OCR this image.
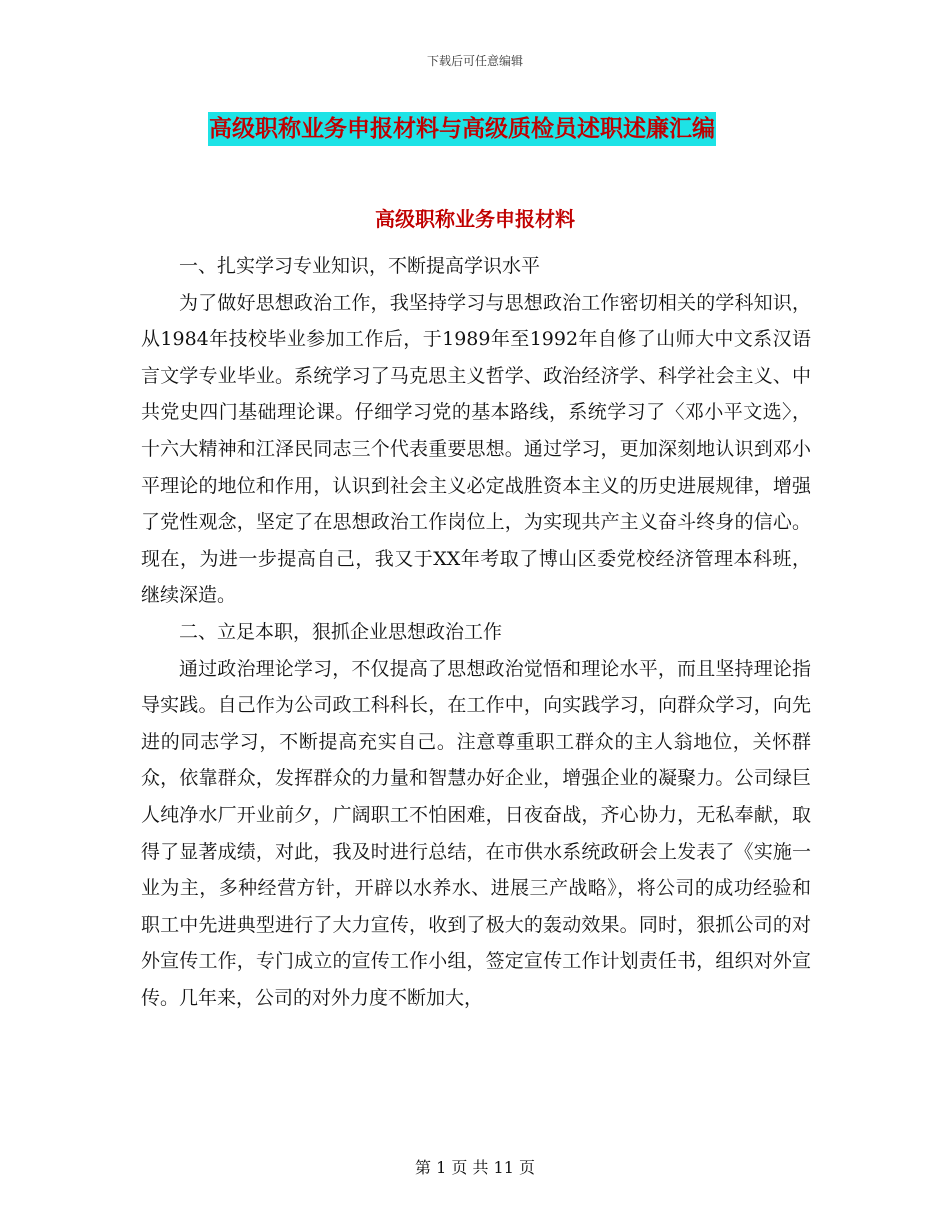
下载后可任意编辑
高级职称业务申报材料与高级质检员述职述廉汇编
高级职称业务申报材料

一、扎实学习专业知识，不断提高学识水平

为了做好思想政治工作，我坚持学习与思想政治工作密切相关的学科知识，从1984年技校毕业参加工作后，于1989年至1992年自修了山师大中文系汉语言文学专业毕业。系统学习了马克思主义哲学、政治经济学、科学社会主义、中共党史四门基础理论课。仔细学习党的基本路线，系统学习了〈邓小平文选〉，十六大精神和江泽民同志三个代表重要思想。通过学习，更加深刻地认识到邓小平理论的地位和作用，认识到社会主义必定战胜资本主义的历史进展规律，增强了党性观念，坚定了在思想政治工作岗位上，为实现共产主义奋斗终身的信心。现在，为进一步提高自己，我又于XX年考取了博山区委党校经济管理本科班，继续深造。

二、立足本职，狠抓企业思想政治工作

通过政治理论学习，不仅提高了思想政治觉悟和理论水平，而且坚持理论指导实践。自己作为公司政工科科长，在工作中，向实践学习，向群众学习，向先进的同志学习，不断提高充实自己。注意尊重职工群众的主人翁地位，关怀群众，依靠群众，发挥群众的力量和智慧办好企业，增强企业的凝聚力。公司绿巨人纯净水厂开业前夕，广阔职工不怕困难，日夜奋战，齐心协力，无私奉献，取得了显著成绩，对此，我及时进行总结，在市供水系统政研会上发表了《实施一业为主，多种经营方针，开辟以水养水、进展三产战略》，将公司的成功经验和职工中先进典型进行了大力宣传，收到了极大的轰动效果。同时，狠抓公司的对外宣传工作，专门成立的宣传工作小组，签定宣传工作计划责任书，组织对外宣传。几年来，公司的对外力度不断加大，

第 1 页 共 11 页
